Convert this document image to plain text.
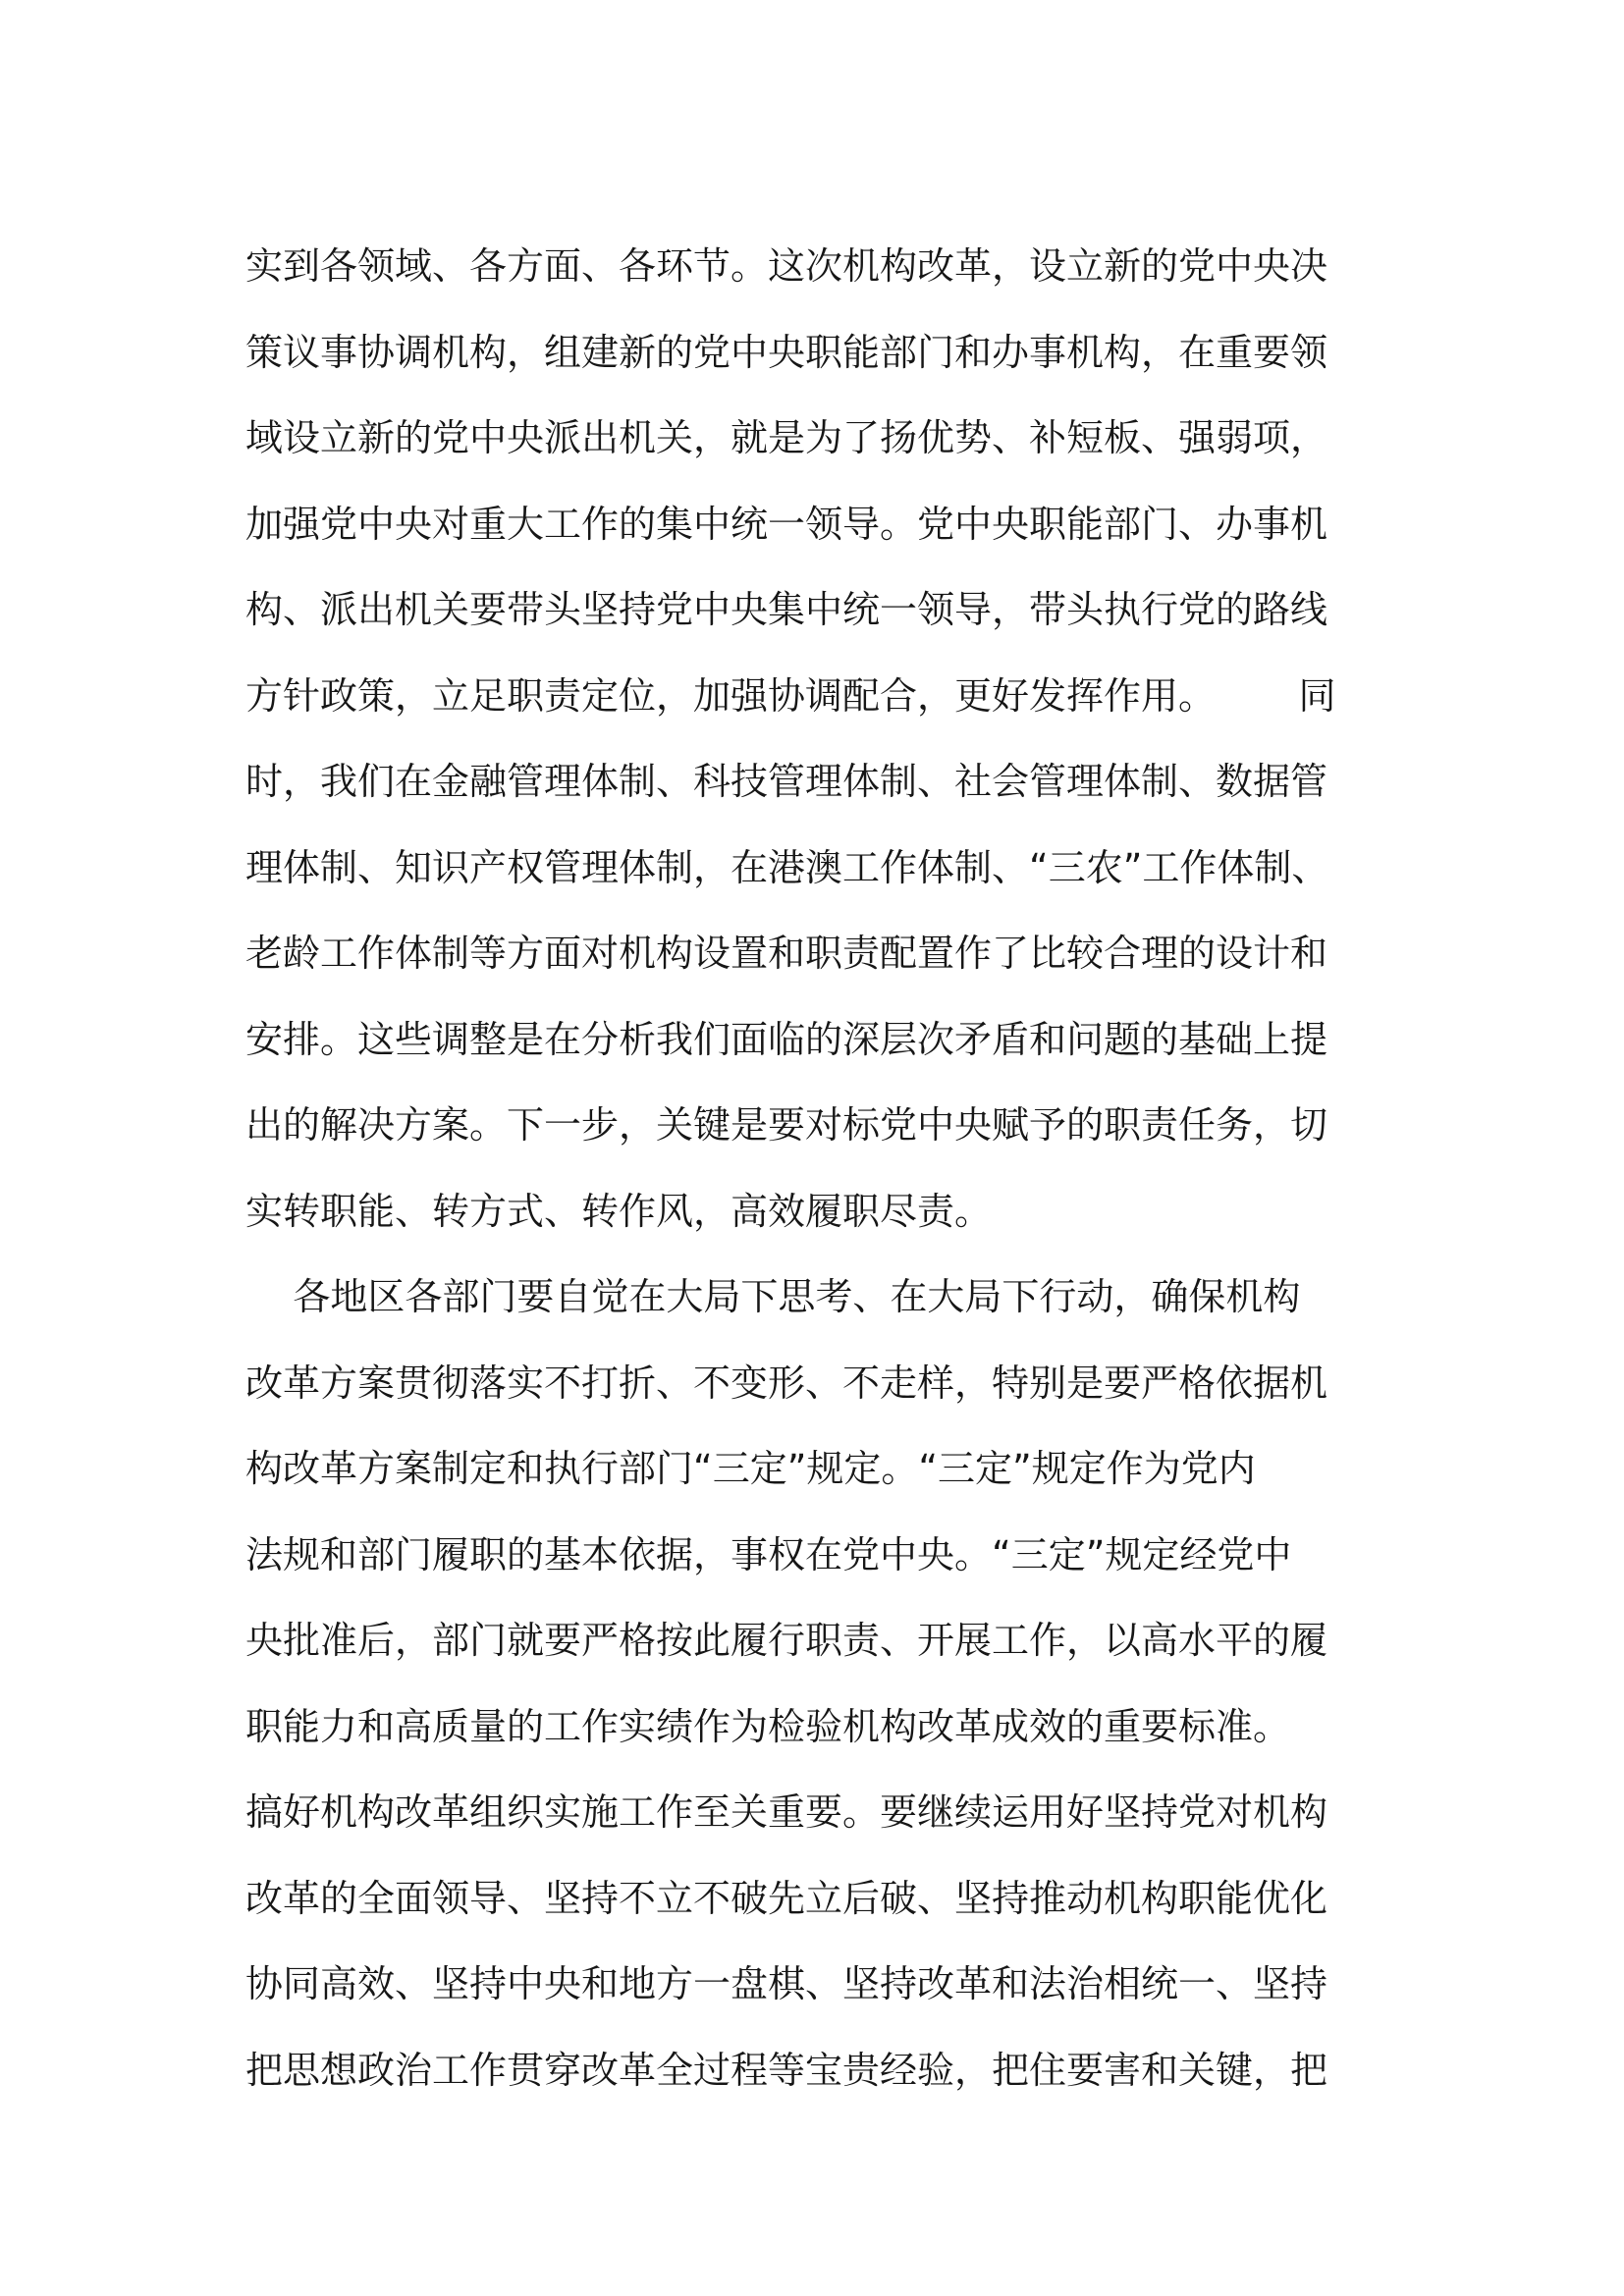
实到各领域、各方面、各环节。这次机构改革，设立新的党中央决
策议事协调机构，组建新的党中央职能部门和办事机构，在重要领
域设立新的党中央派出机关，就是为了扬优势、补短板、强弱项，
加强党中央对重大工作的集中统一领导。党中央职能部门、办事机
构、派出机关要带头坚持党中央集中统一领导，带头执行党的路线
方针政策，立足职责定位，加强协调配合，更好发挥作用。       同
时，我们在金融管理体制、科技管理体制、社会管理体制、数据管
理体制、知识产权管理体制，在港澳工作体制、“三农”工作体制、
老龄工作体制等方面对机构设置和职责配置作了比较合理的设计和
安排。这些调整是在分析我们面临的深层次矛盾和问题的基础上提
出的解决方案。下一步，关键是要对标党中央赋予的职责任务，切
实转职能、转方式、转作风，高效履职尽责。
各地区各部门要自觉在大局下思考、在大局下行动，确保机构
改革方案贯彻落实不打折、不变形、不走样，特别是要严格依据机
构改革方案制定和执行部门“三定”规定。“三定”规定作为党内
法规和部门履职的基本依据，事权在党中央。“三定”规定经党中
央批准后，部门就要严格按此履行职责、开展工作，以高水平的履
职能力和高质量的工作实绩作为检验机构改革成效的重要标准。
搞好机构改革组织实施工作至关重要。要继续运用好坚持党对机构
改革的全面领导、坚持不立不破先立后破、坚持推动机构职能优化
协同高效、坚持中央和地方一盘棋、坚持改革和法治相统一、坚持
把思想政治工作贯穿改革全过程等宝贵经验，把住要害和关键，把
